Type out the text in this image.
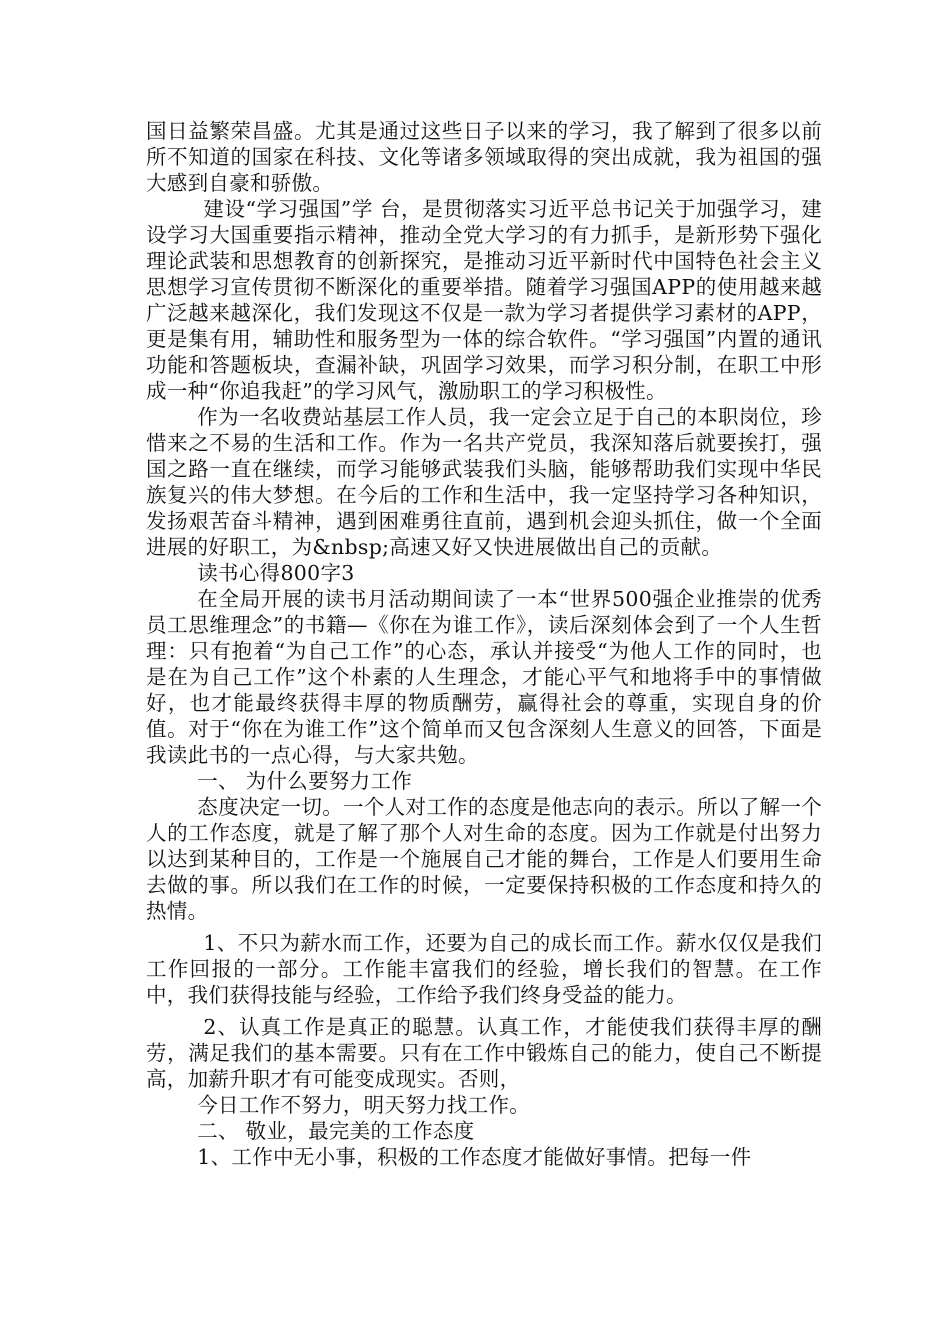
国日益繁荣昌盛。尤其是通过这些日子以来的学习，我了解到了很多以前所不知道的国家在科技、文化等诸多领域取得的突出成就，我为祖国的强大感到自豪和骄傲。

建设“学习强国”学 台，是贯彻落实习近平总书记关于加强学习，建设学习大国重要指示精神，推动全党大学习的有力抓手，是新形势下强化理论武装和思想教育的创新探究，是推动习近平新时代中国特色社会主义思想学习宣传贯彻不断深化的重要举措。随着学习强国APP的使用越来越广泛越来越深化，我们发现这不仅是一款为学习者提供学习素材的APP，更是集有用，辅助性和服务型为一体的综合软件。“学习强国”内置的通讯功能和答题板块，查漏补缺，巩固学习效果，而学习积分制，在职工中形成一种“你追我赶”的学习风气，激励职工的学习积极性。

作为一名收费站基层工作人员，我一定会立足于自己的本职岗位，珍惜来之不易的生活和工作。作为一名共产党员，我深知落后就要挨打，强国之路一直在继续，而学习能够武装我们头脑，能够帮助我们实现中华民族复兴的伟大梦想。在今后的工作和生活中，我一定坚持学习各种知识，发扬艰苦奋斗精神，遇到困难勇往直前，遇到机会迎头抓住，做一个全面进展的好职工，为&nbsp;高速又好又快进展做出自己的贡献。

读书心得800字3

在全局开展的读书月活动期间读了一本“世界500强企业推崇的优秀员工思维理念”的书籍—《你在为谁工作》，读后深刻体会到了一个人生哲理：只有抱着“为自己工作”的心态，承认并接受“为他人工作的同时，也是在为自己工作”这个朴素的人生理念，才能心平气和地将手中的事情做好，也才能最终获得丰厚的物质酬劳，赢得社会的尊重，实现自身的价值。对于“你在为谁工作”这个简单而又包含深刻人生意义的回答，下面是我读此书的一点心得，与大家共勉。

一、 为什么要努力工作

态度决定一切。一个人对工作的态度是他志向的表示。所以了解一个人的工作态度，就是了解了那个人对生命的态度。因为工作就是付出努力以达到某种目的，工作是一个施展自己才能的舞台，工作是人们要用生命去做的事。所以我们在工作的时候，一定要保持积极的工作态度和持久的热情。

1、不只为薪水而工作，还要为自己的成长而工作。薪水仅仅是我们工作回报的一部分。工作能丰富我们的经验，增长我们的智慧。在工作中，我们获得技能与经验，工作给予我们终身受益的能力。

2、认真工作是真正的聪慧。认真工作，才能使我们获得丰厚的酬劳，满足我们的基本需要。只有在工作中锻炼自己的能力，使自己不断提高，加薪升职才有可能变成现实。否则，

今日工作不努力，明天努力找工作。

二、 敬业，最完美的工作态度

1、工作中无小事，积极的工作态度才能做好事情。把每一件
